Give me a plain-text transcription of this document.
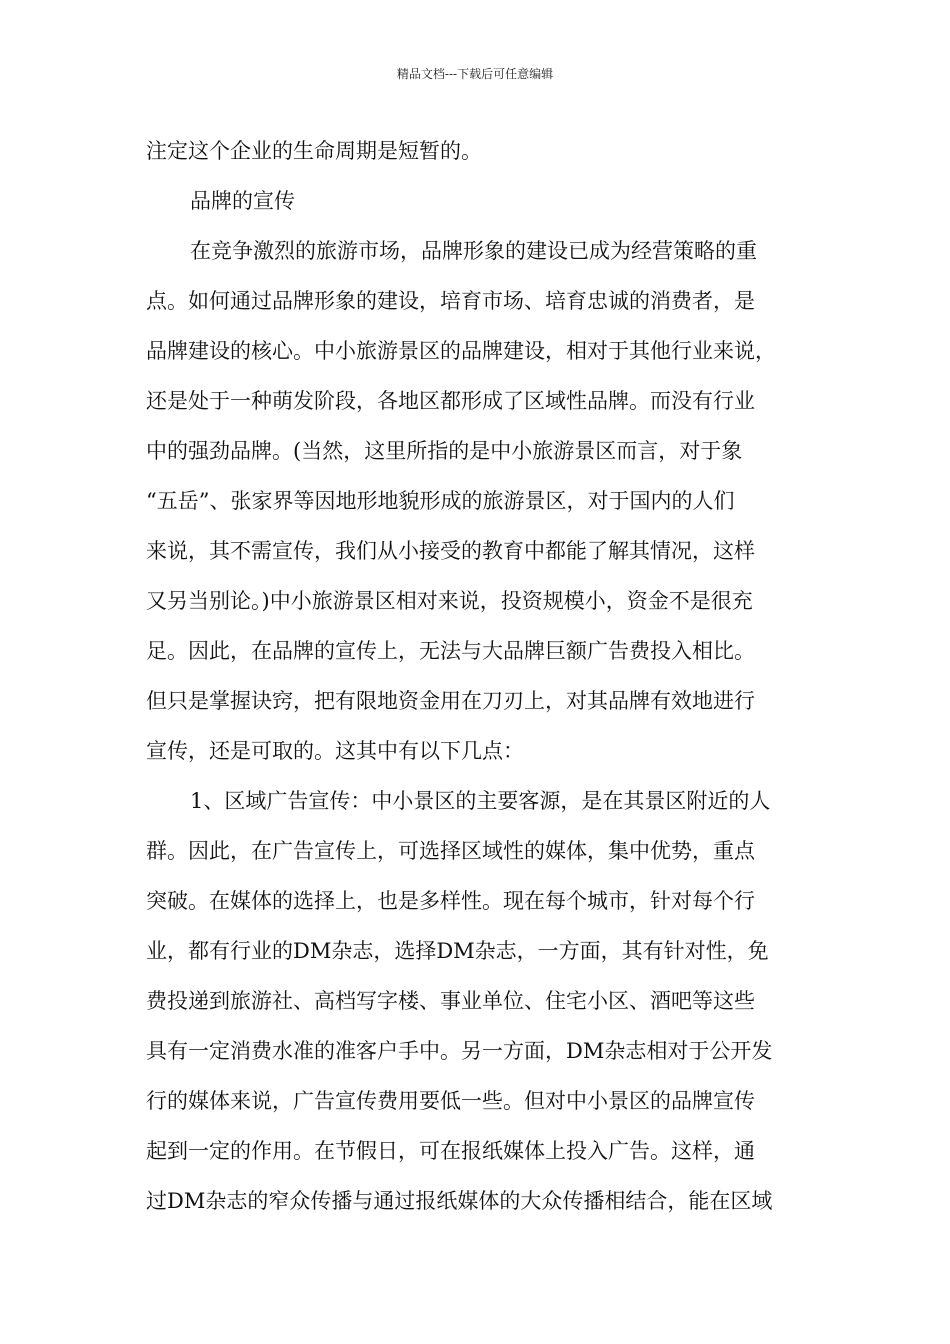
精品文档---下载后可任意编辑
注定这个企业的生命周期是短暂的。
品牌的宣传
在竞争激烈的旅游市场，品牌形象的建设已成为经营策略的重
点。如何通过品牌形象的建设，培育市场、培育忠诚的消费者，是
品牌建设的核心。中小旅游景区的品牌建设，相对于其他行业来说，
还是处于一种萌发阶段，各地区都形成了区域性品牌。而没有行业
中的强劲品牌。(当然，这里所指的是中小旅游景区而言，对于象
“五岳”、张家界等因地形地貌形成的旅游景区，对于国内的人们
来说，其不需宣传，我们从小接受的教育中都能了解其情况，这样
又另当别论。)中小旅游景区相对来说，投资规模小，资金不是很充
足。因此，在品牌的宣传上，无法与大品牌巨额广告费投入相比。
但只是掌握诀窍，把有限地资金用在刀刃上，对其品牌有效地进行
宣传，还是可取的。这其中有以下几点：
1、区域广告宣传：中小景区的主要客源，是在其景区附近的人
群。因此，在广告宣传上，可选择区域性的媒体，集中优势，重点
突破。在媒体的选择上，也是多样性。现在每个城市，针对每个行
业，都有行业的DM杂志，选择DM杂志，一方面，其有针对性，免
费投递到旅游社、高档写字楼、事业单位、住宅小区、酒吧等这些
具有一定消费水准的准客户手中。另一方面，DM杂志相对于公开发
行的媒体来说，广告宣传费用要低一些。但对中小景区的品牌宣传
起到一定的作用。在节假日，可在报纸媒体上投入广告。这样，通
过DM杂志的窄众传播与通过报纸媒体的大众传播相结合，能在区域
